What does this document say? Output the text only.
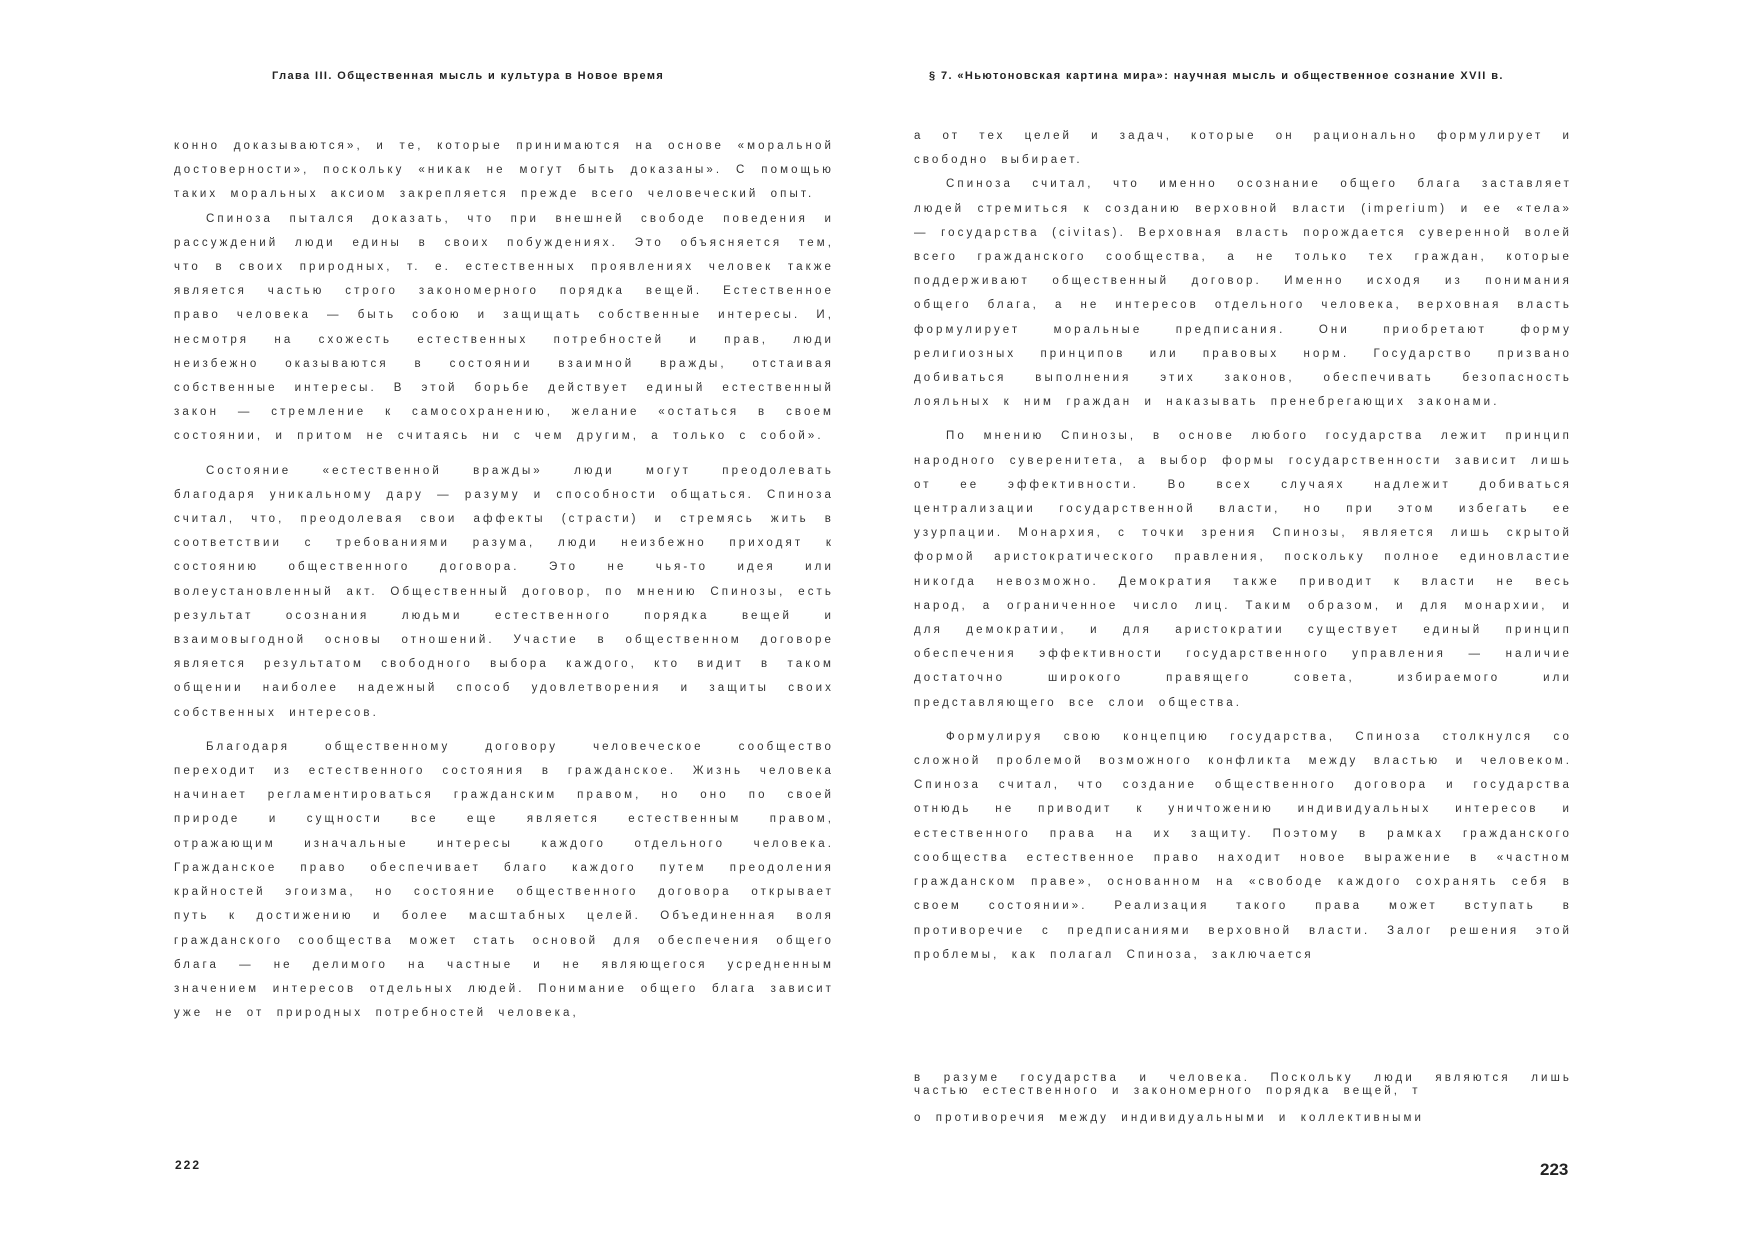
Глава III. Общественная мысль и культура в Новое время

конно доказываются», и те, которые принимаются на основе «моральной достоверности», поскольку «никак не могут быть доказаны». С помощью таких моральных аксиом закрепляется прежде всего человеческий опыт.

Спиноза пытался доказать, что при внешней свободе поведения и рассуждений люди едины в своих побуждениях. Это объясняется тем, что в своих природных, т. е. естественных проявлениях человек также является частью строго закономерного порядка вещей. Естественное право человека — быть собою и защищать собственные интересы. И, несмотря на схожесть естественных потребностей и прав, люди неизбежно оказываются в состоянии взаимной вражды, отстаивая собственные интересы. В этой борьбе действует единый естественный закон — стремление к самосохранению, желание «остаться в своем состоянии, и притом не считаясь ни с чем другим, а только с собой».

Состояние «естественной вражды» люди могут преодолевать благодаря уникальному дару — разуму и способности общаться. Спиноза считал, что, преодолевая свои аффекты (страсти) и стремясь жить в соответствии с требованиями разума, люди неизбежно приходят к состоянию общественного договора. Это не чья-то идея или волеустановленный акт. Общественный договор, по мнению Спинозы, есть результат осознания людьми естественного порядка вещей и взаимовыгодной основы отношений. Участие в общественном договоре является результатом свободного выбора каждого, кто видит в таком общении наиболее надежный способ удовлетворения и защиты своих собственных интересов.

Благодаря общественному договору человеческое сообщество переходит из естественного состояния в гражданское. Жизнь человека начинает регламентироваться гражданским правом, но оно по своей природе и сущности все еще является естественным правом, отражающим изначальные интересы каждого отдельного человека. Гражданское право обеспечивает благо каждого путем преодоления крайностей эгоизма, но состояние общественного договора открывает путь к достижению и более масштабных целей. Объединенная воля гражданского сообщества может стать основой для обеспечения общего блага — не делимого на частные и не являющегося усредненным значением интересов отдельных людей. Понимание общего блага зависит уже не от природных потребностей человека,

222
§ 7. «Ньютоновская картина мира»: научная мысль и общественное сознание XVII в.

а от тех целей и задач, которые он рационально формулирует и свободно выбирает.

Спиноза считал, что именно осознание общего блага заставляет людей стремиться к созданию верховной власти (imperium) и ее «тела» — государства (civitas). Верховная власть порождается суверенной волей всего гражданского сообщества, а не только тех граждан, которые поддерживают общественный договор. Именно исходя из понимания общего блага, а не интересов отдельного человека, верховная власть формулирует моральные предписания. Они приобретают форму религиозных принципов или правовых норм. Государство призвано добиваться выполнения этих законов, обеспечивать безопасность лояльных к ним граждан и наказывать пренебрегающих законами.

По мнению Спинозы, в основе любого государства лежит принцип народного суверенитета, а выбор формы государственности зависит лишь от ее эффективности. Во всех случаях надлежит добиваться централизации государственной власти, но при этом избегать ее узурпации. Монархия, с точки зрения Спинозы, является лишь скрытой формой аристократического правления, поскольку полное единовластие никогда невозможно. Демократия также приводит к власти не весь народ, а ограниченное число лиц. Таким образом, и для монархии, и для демократии, и для аристократии существует единый принцип обеспечения эффективности государственного управления — наличие достаточно широкого правящего совета, избираемого или представляющего все слои общества.

Формулируя свою концепцию государства, Спиноза столкнулся со сложной проблемой возможного конфликта между властью и человеком. Спиноза считал, что создание общественного договора и государства отнюдь не приводит к уничтожению индивидуальных интересов и естественного права на их защиту. Поэтому в рамках гражданского сообщества естественное право находит новое выражение в «частном гражданском праве», основанном на «свободе каждого сохранять себя в своем состоянии». Реализация такого права может вступать в противоречие с предписаниями верховной власти. Залог решения этой проблемы, как полагал Спиноза, заключается

в разуме государства и человека. Поскольку люди являются лишь частью естественного и закономерного порядка вещей, т

о противоречия между индивидуальными и коллективными

223
